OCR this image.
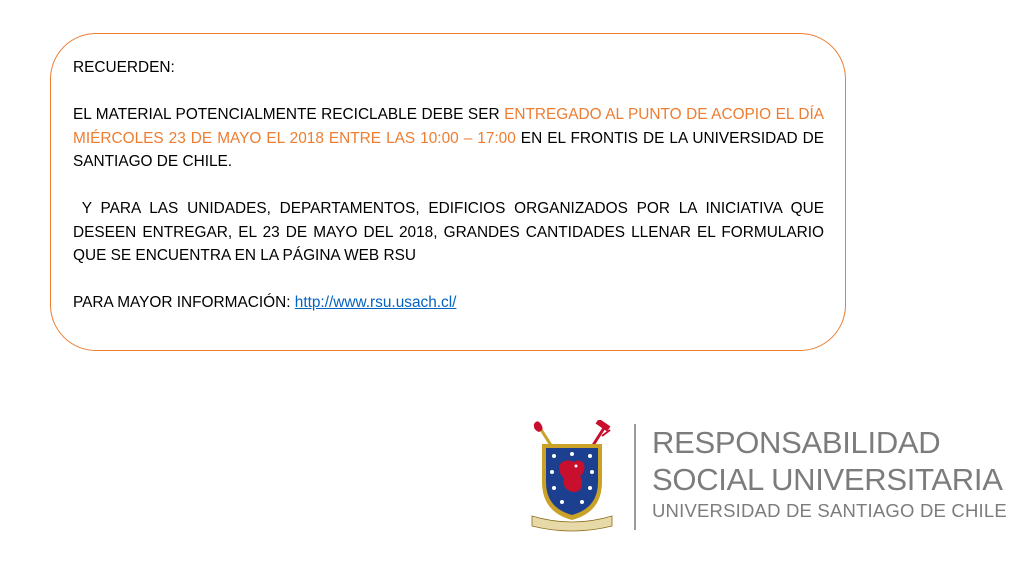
RECUERDEN:

EL MATERIAL POTENCIALMENTE RECICLABLE DEBE SER ENTREGADO AL PUNTO DE ACOPIO EL DÍA MIÉRCOLES 23 DE MAYO EL 2018 ENTRE LAS 10:00 – 17:00 EN EL FRONTIS DE LA UNIVERSIDAD DE SANTIAGO DE CHILE.

Y PARA LAS UNIDADES, DEPARTAMENTOS, EDIFICIOS ORGANIZADOS POR LA INICIATIVA QUE DESEEN ENTREGAR, EL 23 DE MAYO DEL 2018, GRANDES CANTIDADES LLENAR EL FORMULARIO QUE SE ENCUENTRA EN LA PÁGINA WEB RSU

PARA MAYOR INFORMACIÓN: http://www.rsu.usach.cl/

RESPONSABILIDAD
SOCIAL UNIVERSITARIA
UNIVERSIDAD DE SANTIAGO DE CHILE
